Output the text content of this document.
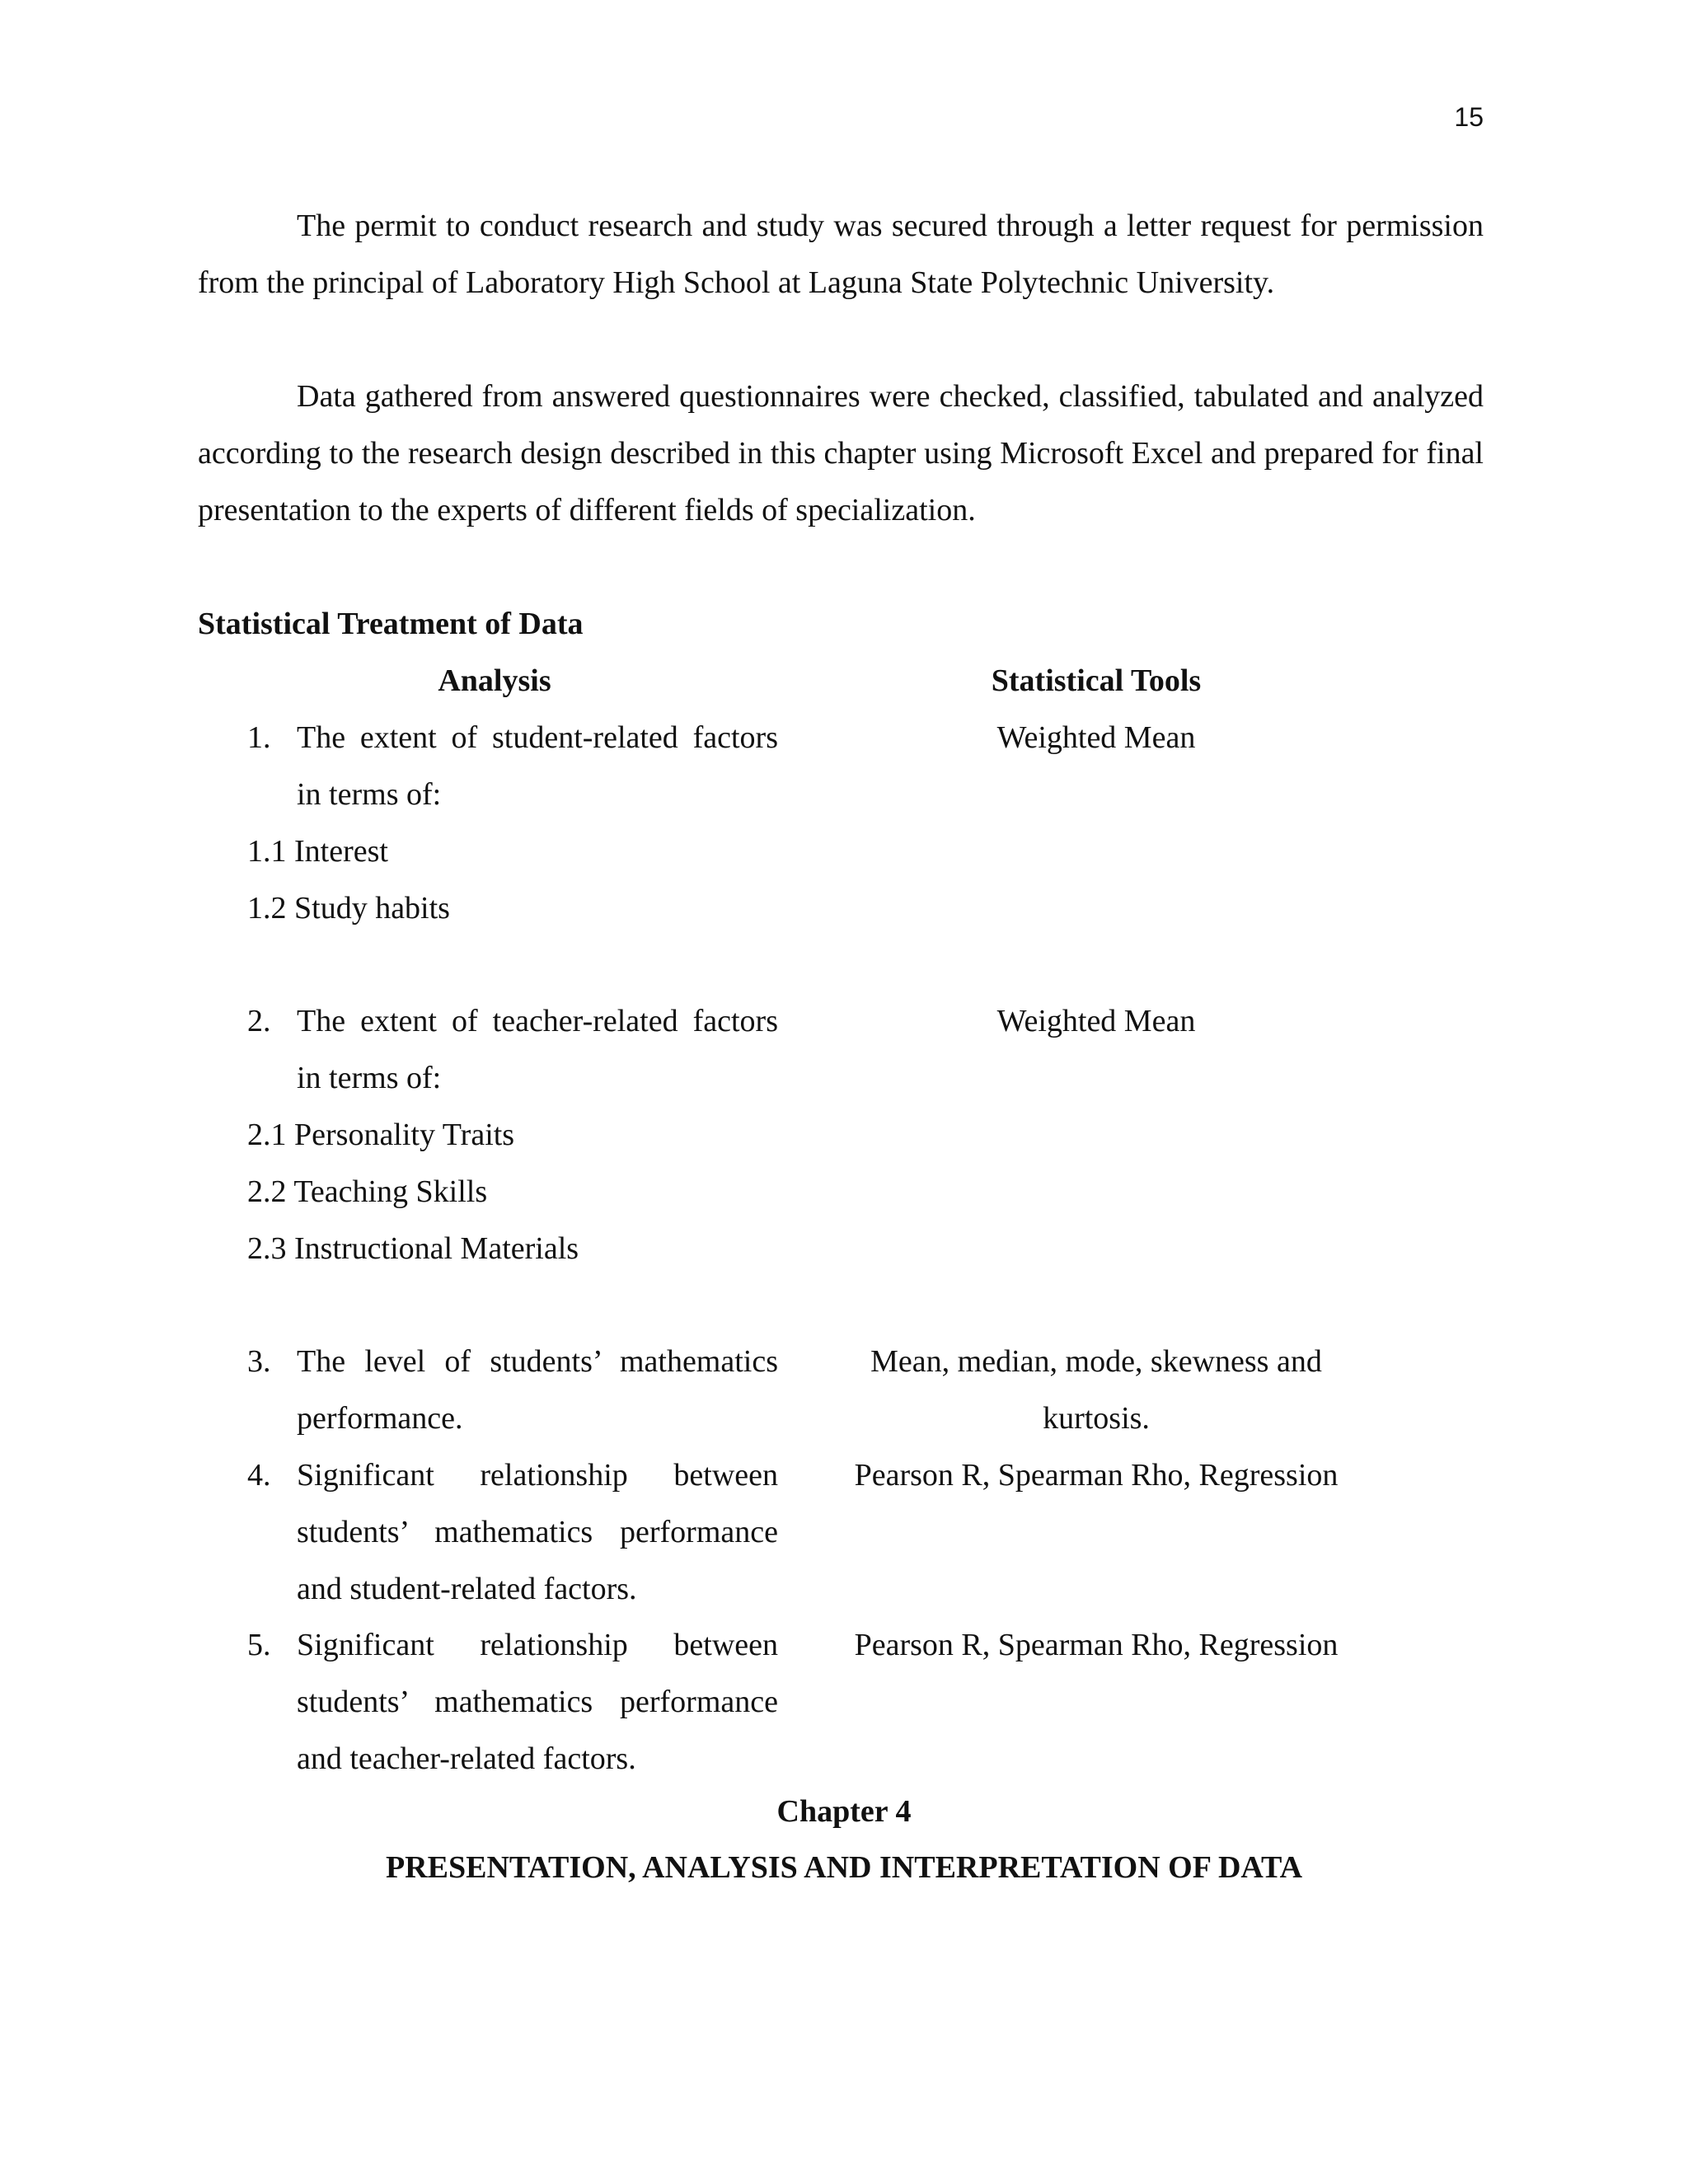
15

The permit to conduct research and study was secured through a letter request for permission from the principal of Laboratory High School at Laguna State Polytechnic University.

Data gathered from answered questionnaires were checked, classified, tabulated and analyzed according to the research design described in this chapter using Microsoft Excel and prepared for final presentation to the experts of different fields of specialization.

Statistical Treatment of Data
Analysis	Statistical Tools
1. The extent of student-related factors in terms of:
Weighted Mean
1.1 Interest
1.2 Study habits
2. The extent of teacher-related factors in terms of:
Weighted Mean
2.1 Personality Traits
2.2 Teaching Skills
2.3 Instructional Materials
3. The level of students’ mathematics performance.
Mean, median, mode, skewness and kurtosis.
4. Significant relationship between students’ mathematics performance and student-related factors.
Pearson R, Spearman Rho, Regression
5. Significant relationship between students’ mathematics performance and teacher-related factors.
Pearson R, Spearman Rho, Regression
Chapter 4
PRESENTATION, ANALYSIS AND INTERPRETATION OF DATA
